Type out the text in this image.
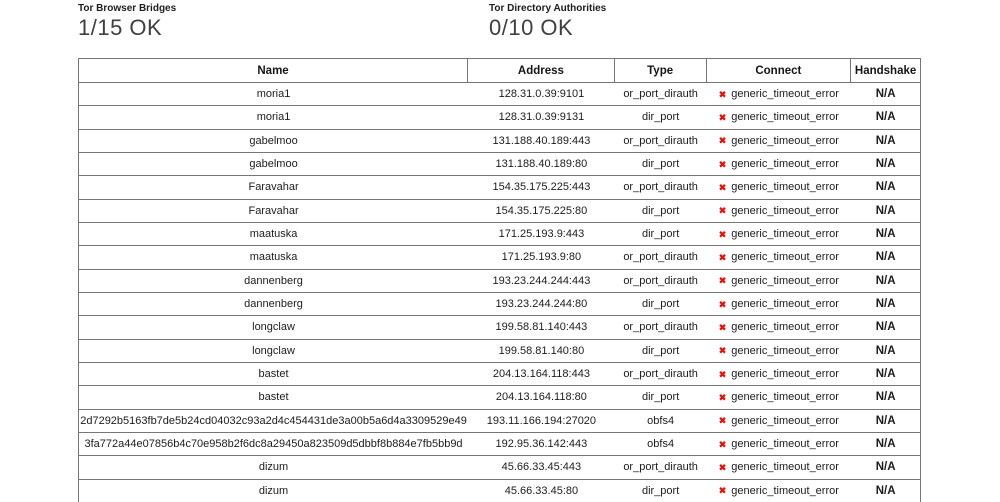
Tor Browser Bridges
1/15 OK
Tor Directory Authorities
0/10 OK
Name	Address	Type	Connect	Handshake
moria1	128.31.0.39:9101	or_port_dirauth	✖ generic_timeout_error	N/A
moria1	128.31.0.39:9131	dir_port	✖ generic_timeout_error	N/A
gabelmoo	131.188.40.189:443	or_port_dirauth	✖ generic_timeout_error	N/A
gabelmoo	131.188.40.189:80	dir_port	✖ generic_timeout_error	N/A
Faravahar	154.35.175.225:443	or_port_dirauth	✖ generic_timeout_error	N/A
Faravahar	154.35.175.225:80	dir_port	✖ generic_timeout_error	N/A
maatuska	171.25.193.9:443	dir_port	✖ generic_timeout_error	N/A
maatuska	171.25.193.9:80	or_port_dirauth	✖ generic_timeout_error	N/A
dannenberg	193.23.244.244:443	or_port_dirauth	✖ generic_timeout_error	N/A
dannenberg	193.23.244.244:80	dir_port	✖ generic_timeout_error	N/A
longclaw	199.58.81.140:443	or_port_dirauth	✖ generic_timeout_error	N/A
longclaw	199.58.81.140:80	dir_port	✖ generic_timeout_error	N/A
bastet	204.13.164.118:443	or_port_dirauth	✖ generic_timeout_error	N/A
bastet	204.13.164.118:80	dir_port	✖ generic_timeout_error	N/A
2d7292b5163fb7de5b24cd04032c93a2d4c454431de3a00b5a6d4a3309529e49	193.11.166.194:27020	obfs4	✖ generic_timeout_error	N/A
3fa772a44e07856b4c70e958b2f6dc8a29450a823509d5dbbf8b884e7fb5bb9d	192.95.36.142:443	obfs4	✖ generic_timeout_error	N/A
dizum	45.66.33.45:443	or_port_dirauth	✖ generic_timeout_error	N/A
dizum	45.66.33.45:80	dir_port	✖ generic_timeout_error	N/A
